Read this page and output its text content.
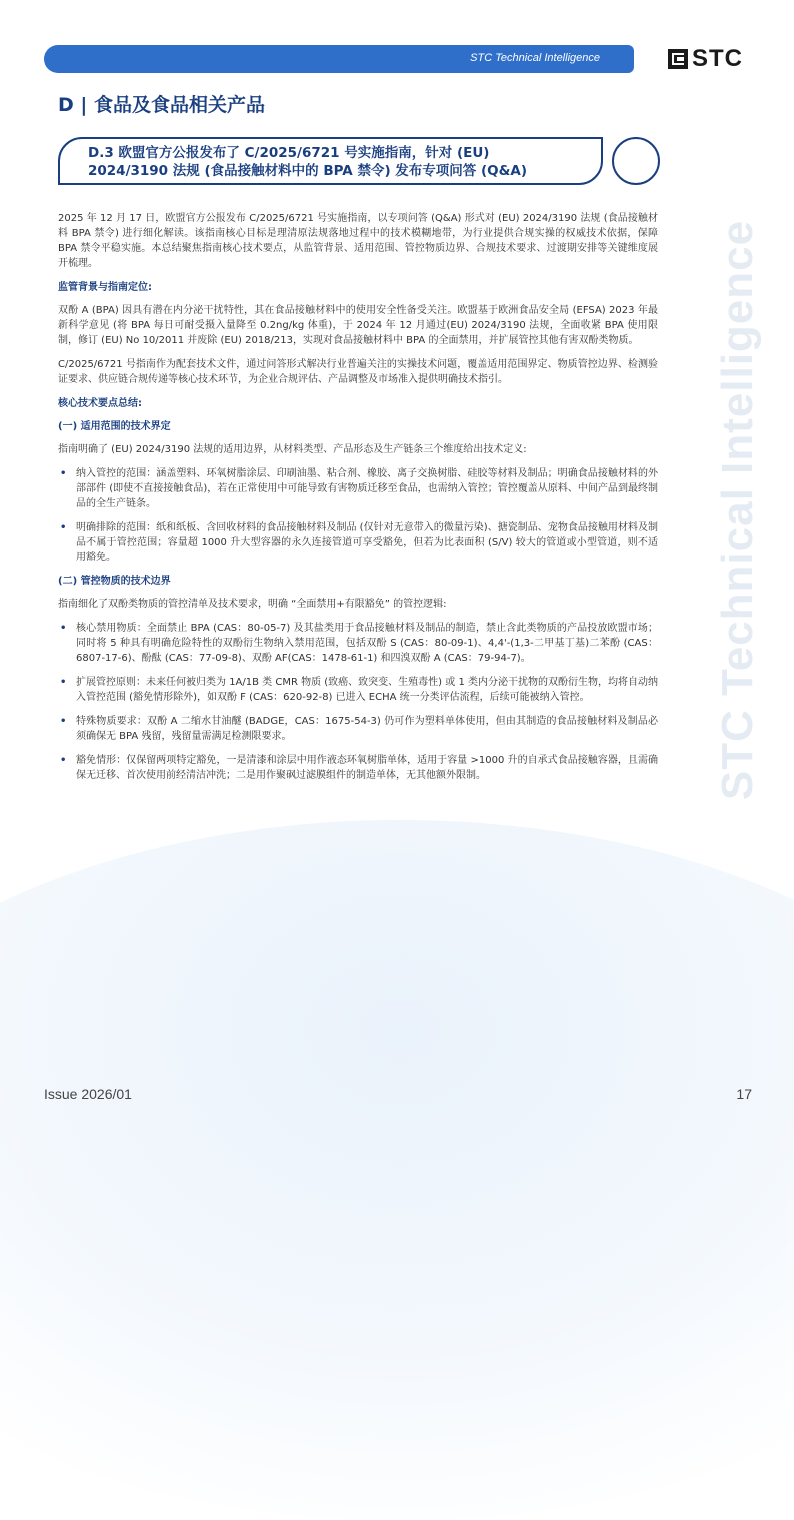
STC Technical Intelligence	STC
STC Technical Intelligence
D | 食品及食品相关产品
D.3 欧盟官方公报发布了 C/2025/6721 号实施指南，针对 (EU)
2024/3190 法规 (食品接触材料中的 BPA 禁令) 发布专项问答 (Q&A)

2025 年 12 月 17 日，欧盟官方公报发布 C/2025/6721 号实施指南，以专项问答 (Q&A) 形式对 (EU) 2024/3190 法规 (食品接触材料 BPA 禁令) 进行细化解读。该指南核心目标是理清原法规落地过程中的技术模糊地带，为行业提供合规实操的权威技术依据，保障 BPA 禁令平稳实施。本总结聚焦指南核心技术要点，从监管背景、适用范围、管控物质边界、合规技术要求、过渡期安排等关键维度展开梳理。

监管背景与指南定位:

双酚 A (BPA) 因具有潜在内分泌干扰特性，其在食品接触材料中的使用安全性备受关注。欧盟基于欧洲食品安全局 (EFSA) 2023 年最新科学意见 (将 BPA 每日可耐受摄入量降至 0.2ng/kg 体重)，于 2024 年 12 月通过(EU) 2024/3190 法规，全面收紧 BPA 使用限制，修订 (EU) No 10/2011 并废除 (EU) 2018/213，实现对食品接触材料中 BPA 的全面禁用，并扩展管控其他有害双酚类物质。

C/2025/6721 号指南作为配套技术文件，通过问答形式解决行业普遍关注的实操技术问题，覆盖适用范围界定、物质管控边界、检测验证要求、供应链合规传递等核心技术环节，为企业合规评估、产品调整及市场准入提供明确技术指引。

核心技术要点总结:

(一) 适用范围的技术界定

指南明确了 (EU) 2024/3190 法规的适用边界，从材料类型、产品形态及生产链条三个维度给出技术定义:

• 纳入管控的范围：涵盖塑料、环氧树脂涂层、印刷油墨、粘合剂、橡胶、离子交换树脂、硅胶等材料及制品；明确食品接触材料的外部部件 (即使不直接接触食品)，若在正常使用中可能导致有害物质迁移至食品，也需纳入管控；管控覆盖从原料、中间产品到最终制品的全生产链条。
• 明确排除的范围：纸和纸板、含回收材料的食品接触材料及制品 (仅针对无意带入的微量污染)、搪瓷制品、宠物食品接触用材料及制品不属于管控范围；容量超 1000 升大型容器的永久连接管道可享受豁免，但若为比表面积 (S/V) 较大的管道或小型管道，则不适用豁免。

(二) 管控物质的技术边界

指南细化了双酚类物质的管控清单及技术要求，明确 “全面禁用+有限豁免” 的管控逻辑:

• 核心禁用物质：全面禁止 BPA (CAS：80-05-7) 及其盐类用于食品接触材料及制品的制造，禁止含此类物质的产品投放欧盟市场；同时将 5 种具有明确危险特性的双酚衍生物纳入禁用范围，包括双酚 S (CAS：80-09-1)、4,4'-(1,3-二甲基丁基)二苯酚 (CAS：6807-17-6)、酚酞 (CAS：77-09-8)、双酚 AF(CAS：1478-61-1) 和四溴双酚 A (CAS：79-94-7)。
• 扩展管控原则：未来任何被归类为 1A/1B 类 CMR 物质 (致癌、致突变、生殖毒性) 或 1 类内分泌干扰物的双酚衍生物，均将自动纳入管控范围 (豁免情形除外)，如双酚 F (CAS：620-92-8) 已进入 ECHA 统一分类评估流程，后续可能被纳入管控。
• 特殊物质要求：双酚 A 二缩水甘油醚 (BADGE，CAS：1675-54-3) 仍可作为塑料单体使用，但由其制造的食品接触材料及制品必须确保无 BPA 残留，残留量需满足检测限要求。
• 豁免情形：仅保留两项特定豁免，一是清漆和涂层中用作液态环氧树脂单体，适用于容量 >1000 升的自承式食品接触容器，且需确保无迁移、首次使用前经清洁冲洗；二是用作聚砜过滤膜组件的制造单体，无其他额外限制。
Issue 2026/01	17
